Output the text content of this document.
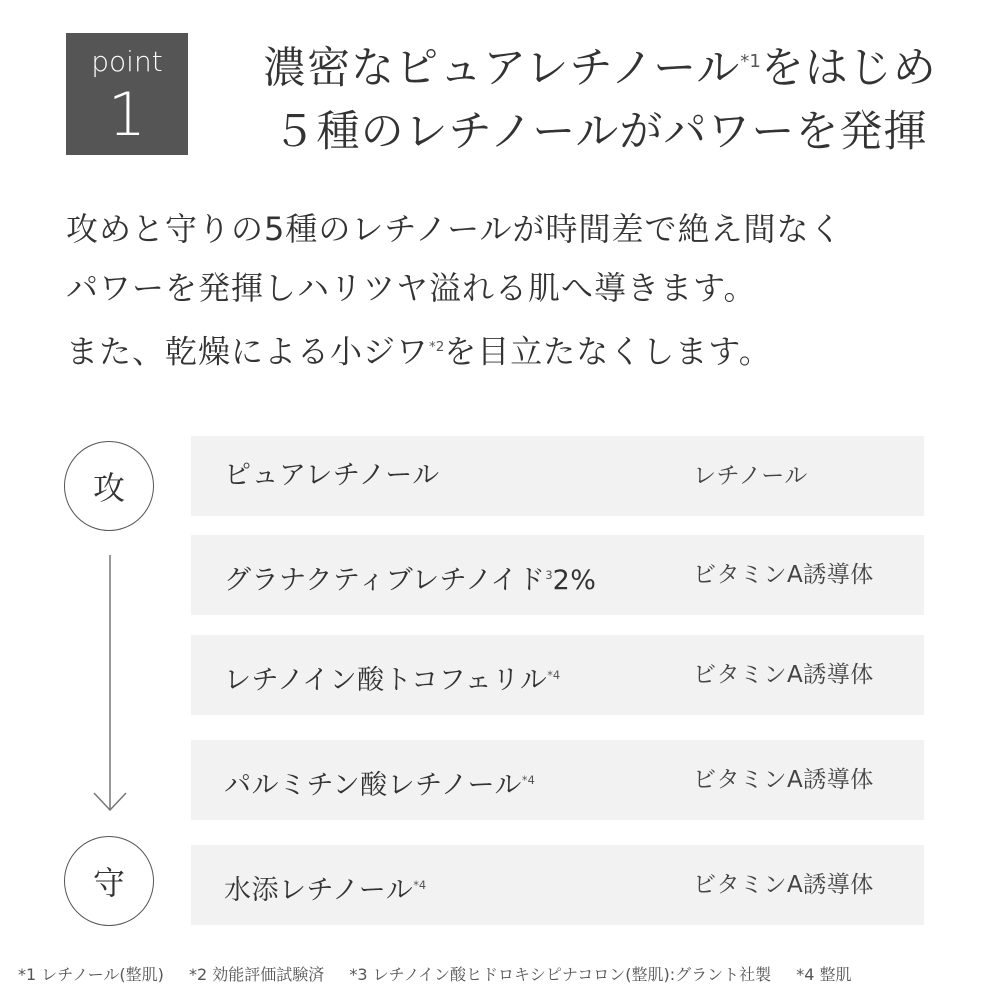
point
1
濃密なピュアレチノール$^{*1}$をはじめ
５種のレチノールがパワーを発揮
攻めと守りの5種のレチノールが時間差で絶え間なく
パワーを発揮しハリツヤ溢れる肌へ導きます。
また、乾燥による小ジワ$^{*2}$を目立たなくします。
攻
守
ピュアレチノール	レチノール
グラナクティブレチノイド$^3$2%	ビタミンA誘導体
レチノイン酸トコフェリル$^{*4}$	ビタミンA誘導体
パルミチン酸レチノール$^{*4}$	ビタミンA誘導体
水添レチノール$^{*4}$	ビタミンA誘導体
*1 レチノール(整肌) *2 効能評価試験済 *3 レチノイン酸ヒドロキシピナコロン(整肌):グラント社製 *4 整肌
